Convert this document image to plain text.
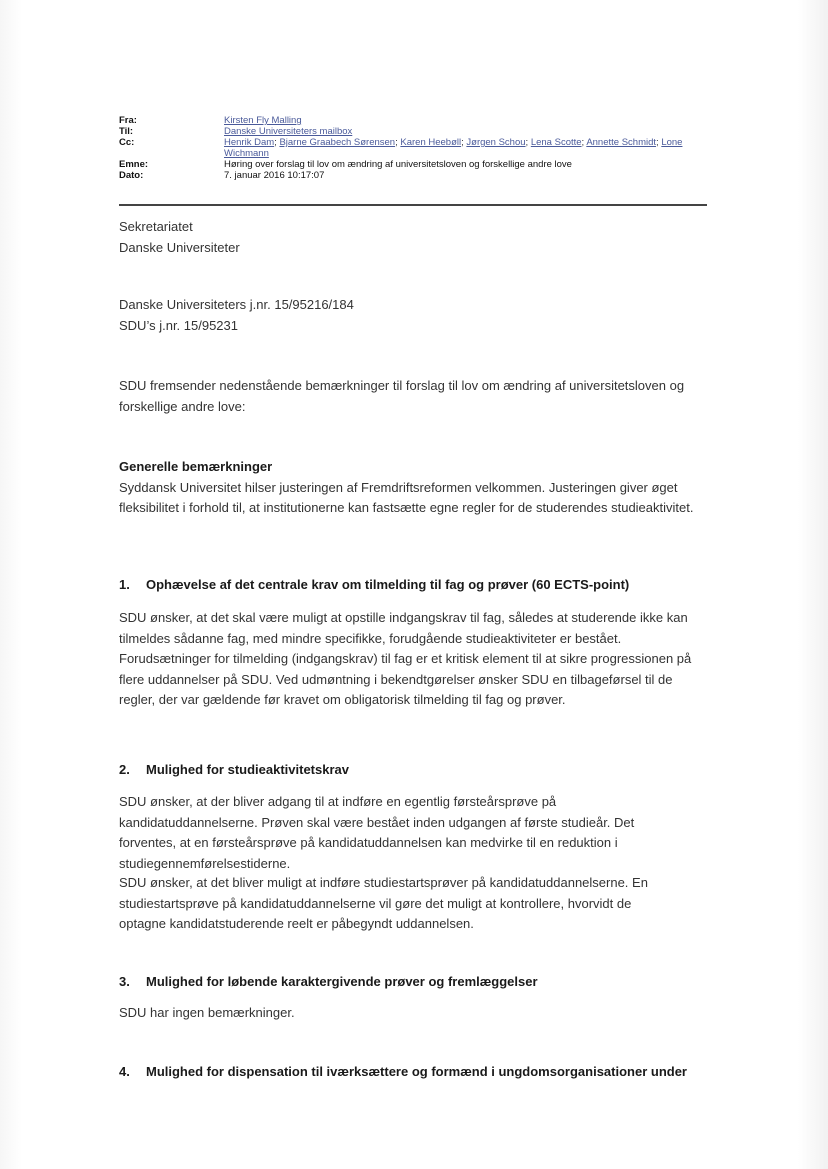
Fra:	Kirsten Fly Malling
Til:	Danske Universiteters mailbox
Cc:	Henrik Dam; Bjarne Graabech Sørensen; Karen Heebøll; Jørgen Schou; Lena Scotte; Annette Schmidt; Lone Wichmann
Emne:	Høring over forslag til lov om ændring af universitetsloven og forskellige andre love
Dato:	7. januar 2016 10:17:07
Sekretariatet
Danske Universiteter
Danske Universiteters j.nr. 15/95216/184
SDU’s j.nr. 15/95231
SDU fremsender nedenstående bemærkninger til forslag til lov om ændring af universitetsloven og forskellige andre love:
Generelle bemærkninger
Syddansk Universitet hilser justeringen af Fremdriftsreformen velkommen. Justeringen giver øget fleksibilitet i forhold til, at institutionerne kan fastsætte egne regler for de studerendes studieaktivitet.
1. Ophævelse af det centrale krav om tilmelding til fag og prøver (60 ECTS-point)
SDU ønsker, at det skal være muligt at opstille indgangskrav til fag, således at studerende ikke kan tilmeldes sådanne fag, med mindre specifikke, forudgående studieaktiviteter er bestået. Forudsætninger for tilmelding (indgangskrav) til fag er et kritisk element til at sikre progressionen på flere uddannelser på SDU. Ved udmøntning i bekendtgørelser ønsker SDU en tilbageførsel til de regler, der var gældende før kravet om obligatorisk tilmelding til fag og prøver.
2. Mulighed for studieaktivitetskrav
SDU ønsker, at der bliver adgang til at indføre en egentlig førsteårsprøve på kandidatuddannelserne. Prøven skal være bestået inden udgangen af første studieår. Det forventes, at en førsteårsprøve på kandidatuddannelsen kan medvirke til en reduktion i studiegennemførelsestiderne.
SDU ønsker, at det bliver muligt at indføre studiestartsprøver på kandidatuddannelserne. En studiestartsprøve på kandidatuddannelserne vil gøre det muligt at kontrollere, hvorvidt de optagne kandidatstuderende reelt er påbegyndt uddannelsen.
3. Mulighed for løbende karaktergivende prøver og fremlæggelser
SDU har ingen bemærkninger.
4. Mulighed for dispensation til iværksættere og formænd i ungdomsorganisationer under
